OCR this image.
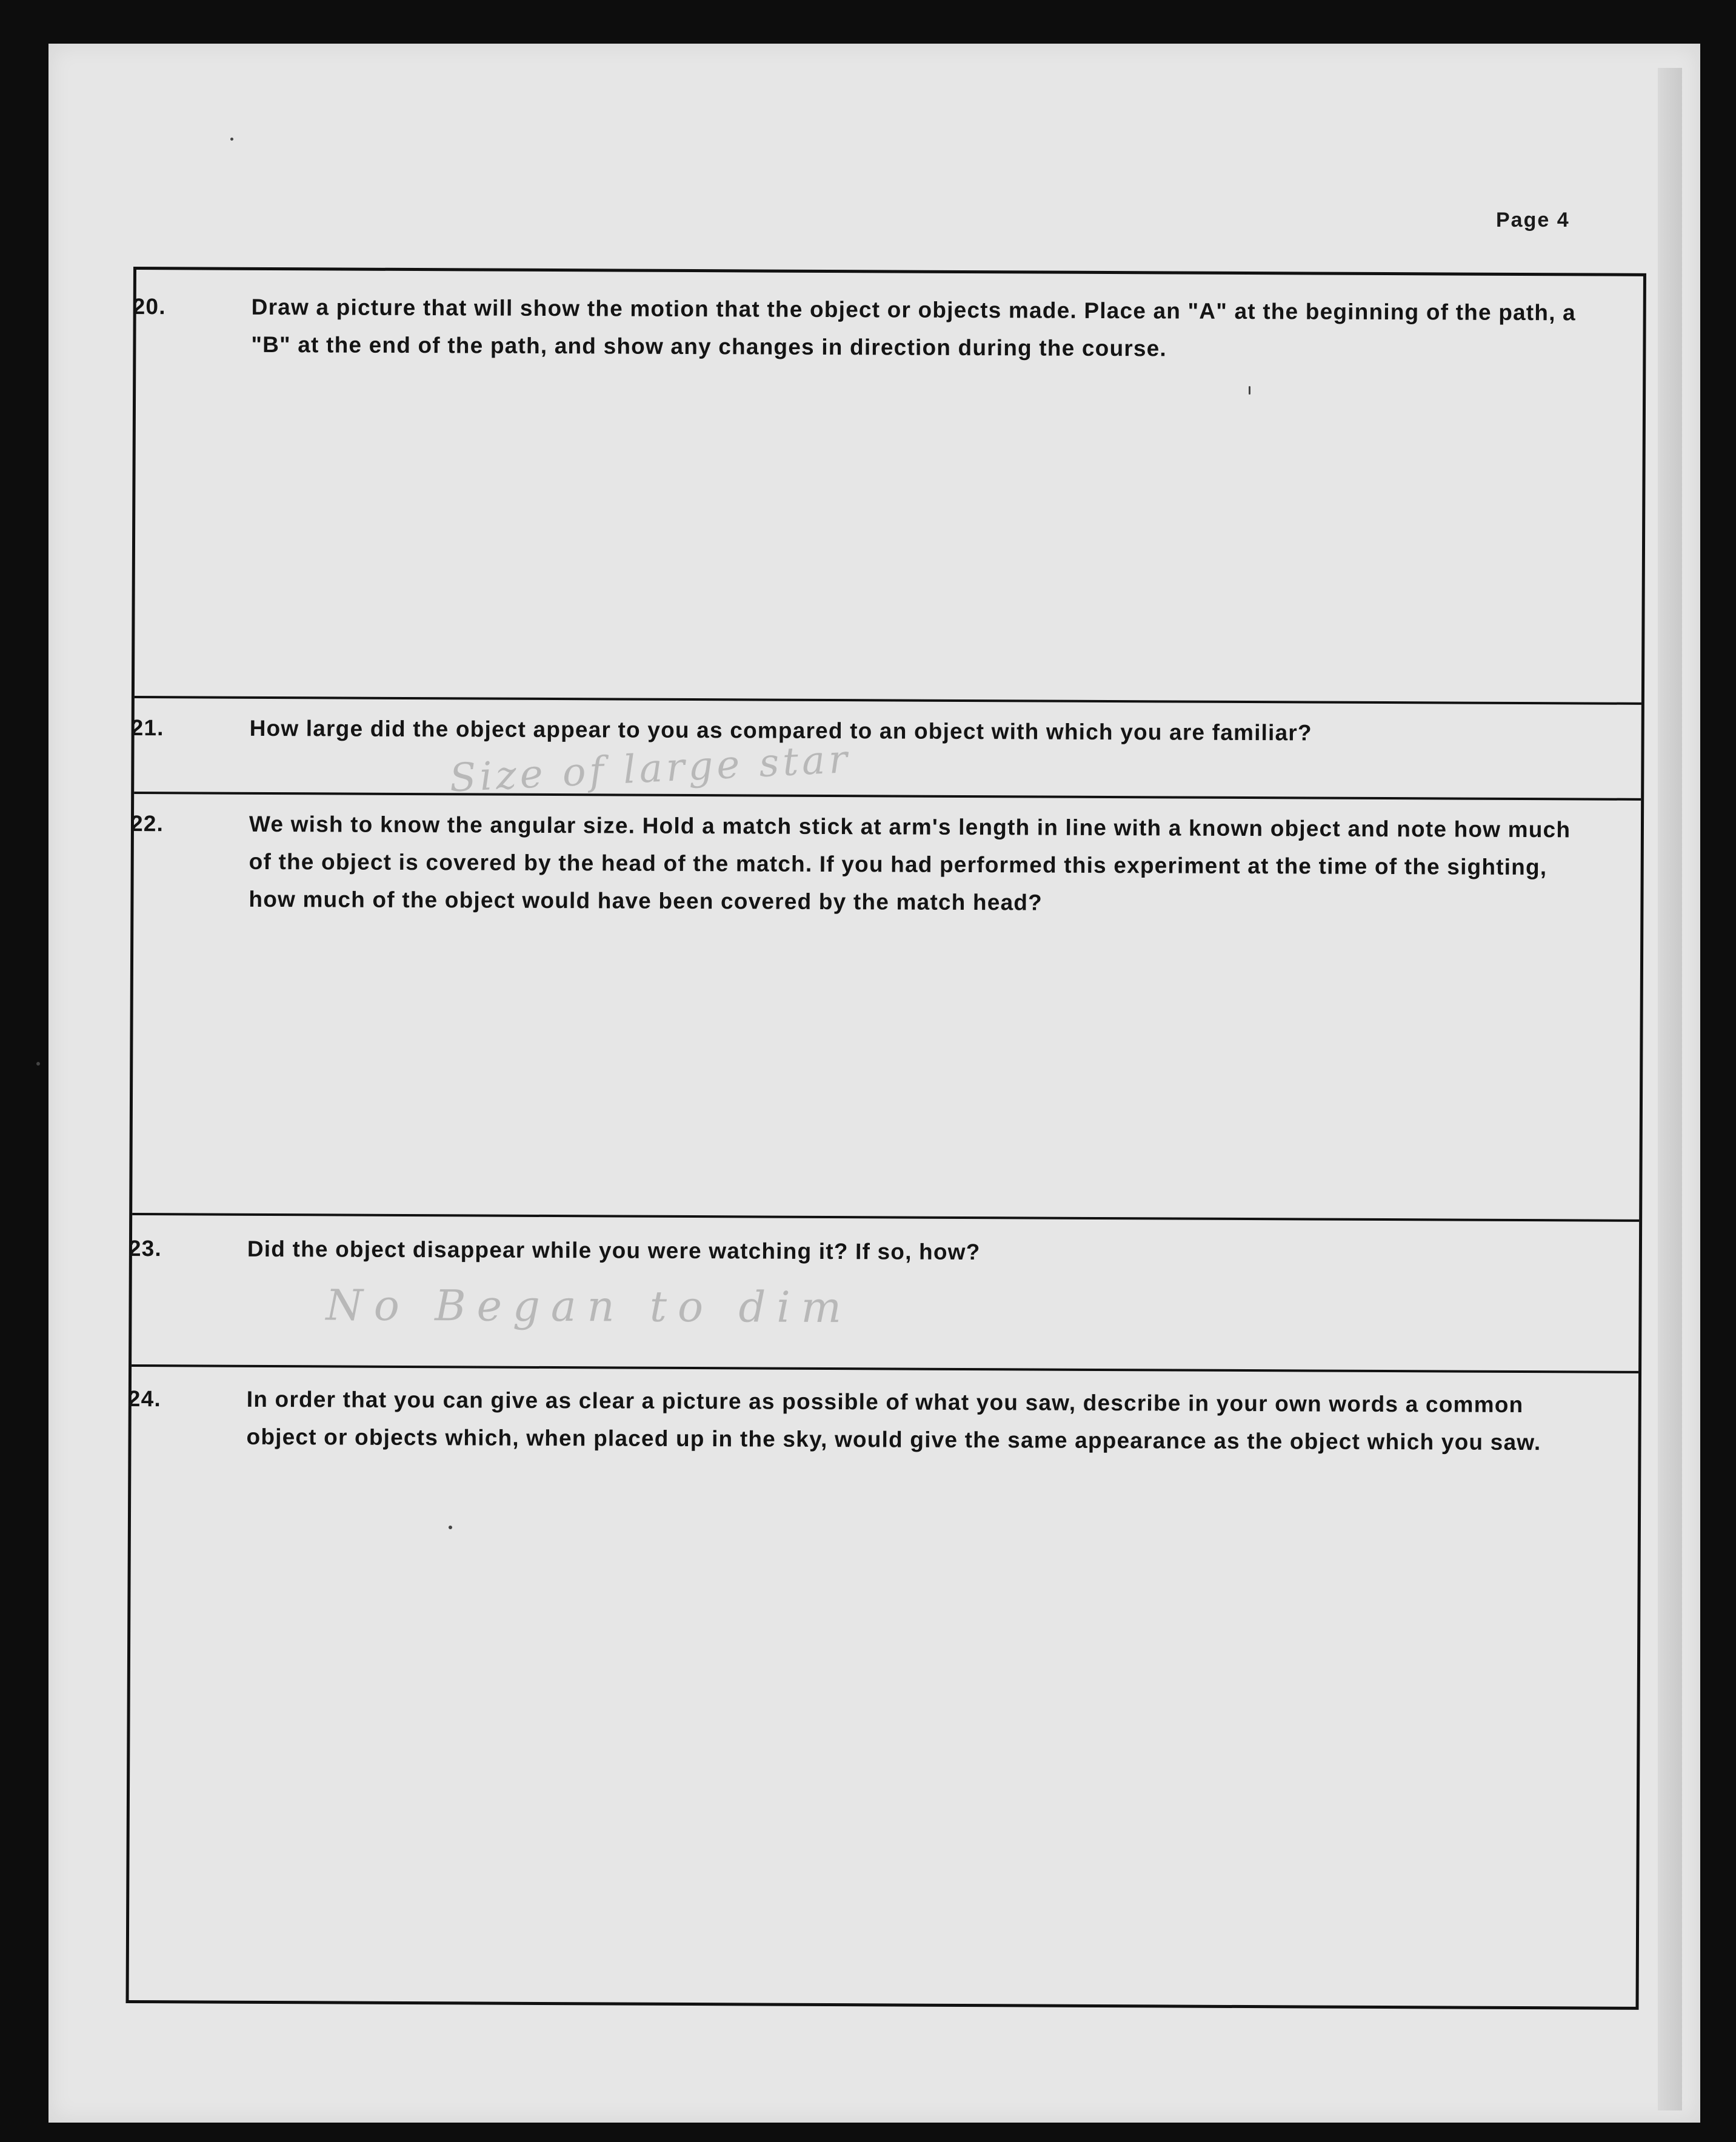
Page 4
20.	Draw a picture that will show the motion that the object or objects made. Place an "A" at the beginning of the path, a "B" at the end of the path, and show any changes in direction during the course.
21.	How large did the object appear to you as compared to an object with which you are familiar?
Size of large star
22.	We wish to know the angular size. Hold a match stick at arm's length in line with a known object and note how much of the object is covered by the head of the match. If you had performed this experiment at the time of the sighting, how much of the object would have been covered by the match head?
23.	Did the object disappear while you were watching it? If so, how?
No Began to dim
24.	In order that you can give as clear a picture as possible of what you saw, describe in your own words a common object or objects which, when placed up in the sky, would give the same appearance as the object which you saw.
